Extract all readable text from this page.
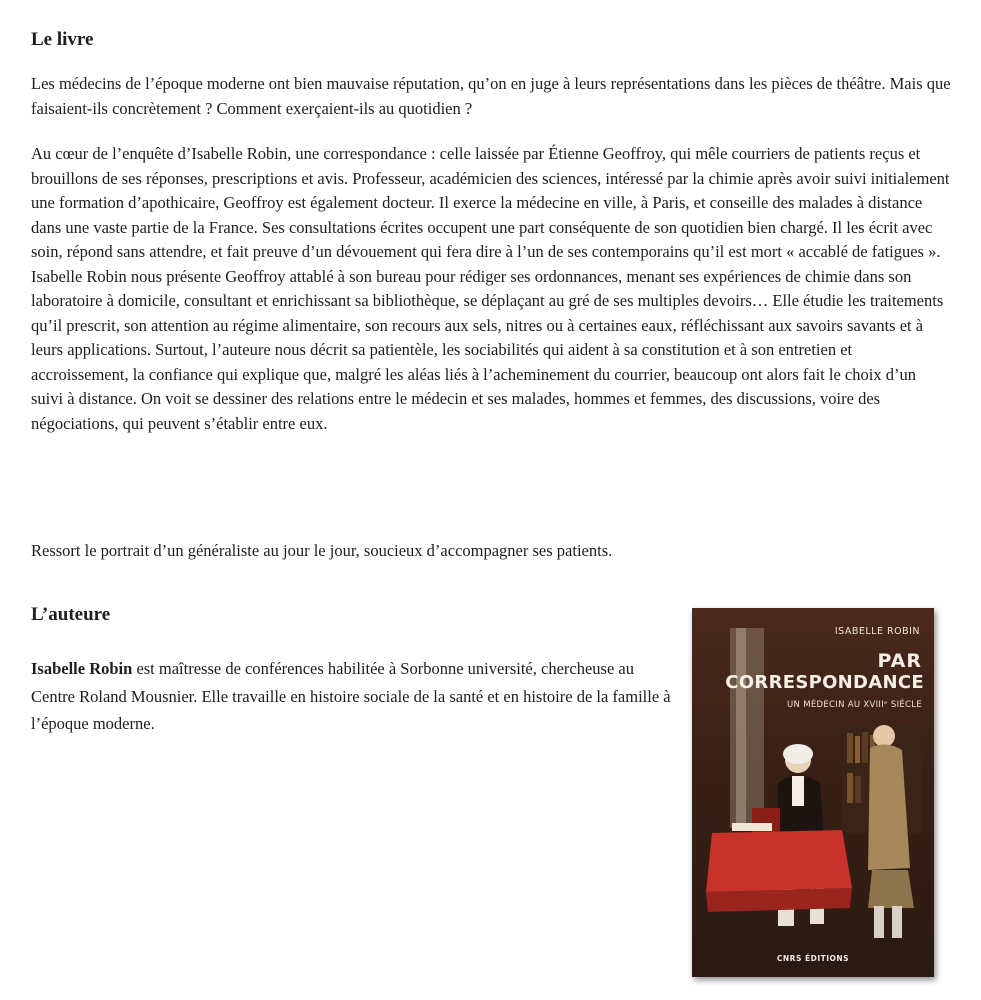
Le livre

Les médecins de l’époque moderne ont bien mauvaise réputation, qu’on en juge à leurs représentations dans les pièces de théâtre. Mais que faisaient-ils concrètement ? Comment exerçaient-ils au quotidien ?

Au cœur de l’enquête d’Isabelle Robin, une correspondance : celle laissée par Étienne Geoffroy, qui mêle courriers de patients reçus et brouillons de ses réponses, prescriptions et avis. Professeur, académicien des sciences, intéressé par la chimie après avoir suivi initialement une formation d’apothicaire, Geoffroy est également docteur. Il exerce la médecine en ville, à Paris, et conseille des malades à distance dans une vaste partie de la France. Ses consultations écrites occupent une part conséquente de son quotidien bien chargé. Il les écrit avec soin, répond sans attendre, et fait preuve d’un dévouement qui fera dire à l’un de ses contemporains qu’il est mort « accablé de fatigues ». Isabelle Robin nous présente Geoffroy attablé à son bureau pour rédiger ses ordonnances, menant ses expériences de chimie dans son laboratoire à domicile, consultant et enrichissant sa bibliothèque, se déplaçant au gré de ses multiples devoirs… Elle étudie les traitements qu’il prescrit, son attention au régime alimentaire, son recours aux sels, nitres ou à certaines eaux, réfléchissant aux savoirs savants et à leurs applications. Surtout, l’auteure nous décrit sa patientèle, les sociabilités qui aident à sa constitution et à son entretien et accroissement, la confiance qui explique que, malgré les aléas liés à l’acheminement du courrier, beaucoup ont alors fait le choix d’un suivi à distance. On voit se dessiner des relations entre le médecin et ses malades, hommes et femmes, des discussions, voire des négociations, qui peuvent s’établir entre eux.

Ressort le portrait d’un généraliste au jour le jour, soucieux d’accompagner ses patients.

L’auteure

Isabelle Robin est maîtresse de conférences habilitée à Sorbonne université, chercheuse au Centre Roland Mousnier. Elle travaille en histoire sociale de la santé et en histoire de la famille à l’époque moderne.

ISABELLE ROBIN

PAR

CORRESPONDANCE

UN MÉDECIN AU XVIIIᵉ SIÈCLE

CNRS ÉDITIONS
